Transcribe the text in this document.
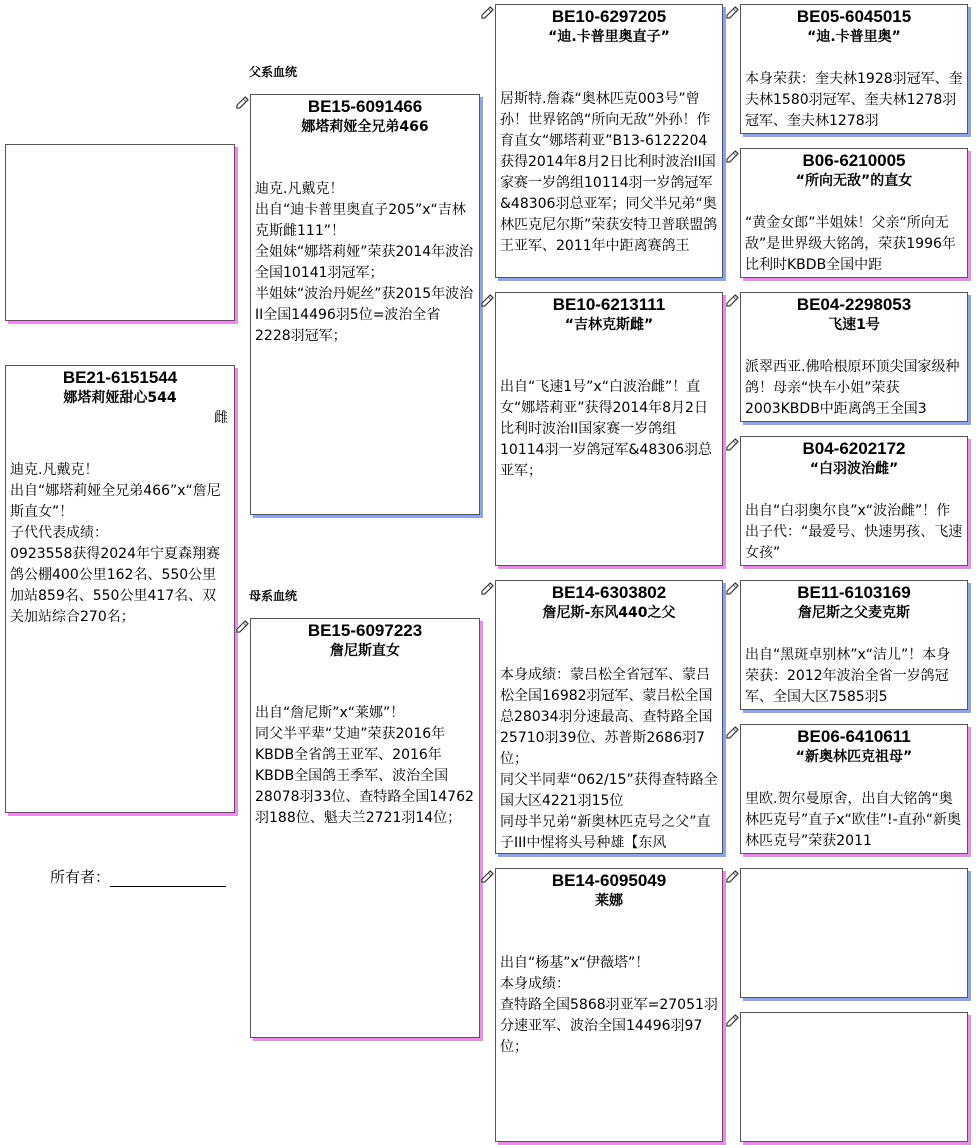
父系血统
母系血统
所有者：
BE21-6151544
娜塔莉娅甜心544
雌
迪克.凡戴克！
出自“娜塔莉娅全兄弟466”x“詹尼斯直女”！
子代代表成绩：
0923558获得2024年宁夏森翔赛鸽公棚400公里162名、550公里加站859名、550公里417名、双关加站综合270名；
BE15-6091466
娜塔莉娅全兄弟466
迪克.凡戴克！
出自“迪卡普里奥直子205”x“吉林克斯雌111”！
全姐妹“娜塔莉娅”荣获2014年波治全国10141羽冠军；
半姐妹“波治丹妮丝”获2015年波治II全国14496羽5位=波治全省2228羽冠军；
BE15-6097223
詹尼斯直女
出自“詹尼斯”x“莱娜”！
同父半平辈“艾迪”荣获2016年KBDB全省鸽王亚军、2016年KBDB全国鸽王季军、波治全国28078羽33位、查特路全国14762羽188位、魁夫兰2721羽14位；
BE10-6297205
“迪.卡普里奥直子”
居斯特.詹森“奥林匹克003号”曾孙！世界铭鸽“所向无敌”外孙！作育直女“娜塔莉亚”B13-6122204获得2014年8月2日比利时波治II国家赛一岁鸽组10114羽一岁鸽冠军&48306羽总亚军；同父半兄弟“奥林匹克尼尔斯”荣获安特卫普联盟鸽王亚军、2011年中距离赛鸽王
BE10-6213111
“吉林克斯雌”
出自“飞速1号”x“白波治雌”！直女“娜塔莉亚”获得2014年8月2日比利时波治II国家赛一岁鸽组10114羽一岁鸽冠军&48306羽总亚军；
BE14-6303802
詹尼斯-东风440之父
本身成绩：蒙吕松全省冠军、蒙吕松全国16982羽冠军、蒙吕松全国总28034羽分速最高、查特路全国25710羽39位、苏普斯2686羽7位；
同父半同辈“062/15”获得查特路全国大区4221羽15位
同母半兄弟“新奥林匹克号之父”直子III中惺将头号种雄【东风
BE14-6095049
莱娜
出自“杨基”x“伊薇塔”！
本身成绩：
查特路全国5868羽亚军=27051羽分速亚军、波治全国14496羽97位；
BE05-6045015
“迪.卡普里奥”
本身荣获：奎夫林1928羽冠军、奎夫林1580羽冠军、奎夫林1278羽冠军、奎夫林1278羽
B06-6210005
“所向无敌”的直女
“黄金女郎”半姐妹！父亲“所向无敌”是世界级大铭鸽，荣获1996年比利时KBDB全国中距
BE04-2298053
飞速1号
派翠西亚.佛哈根原环顶尖国家级种鸽！母亲“快车小姐”荣获2003KBDB中距离鸽王全国3
B04-6202172
“白羽波治雌”
出自“白羽奥尔良”x“波治雌”！作出子代：“最爱号、快速男孩、飞速女孩”
BE11-6103169
詹尼斯之父麦克斯
出自“黑斑卓别林”x“洁儿”！本身荣获：2012年波治全省一岁鸽冠军、全国大区7585羽5
BE06-6410611
“新奥林匹克祖母”
里欧.贺尔曼原舍，出自大铭鸽“奥林匹克号”直子x“欧佳”!-直孙“新奥林匹克号”荣获2011
